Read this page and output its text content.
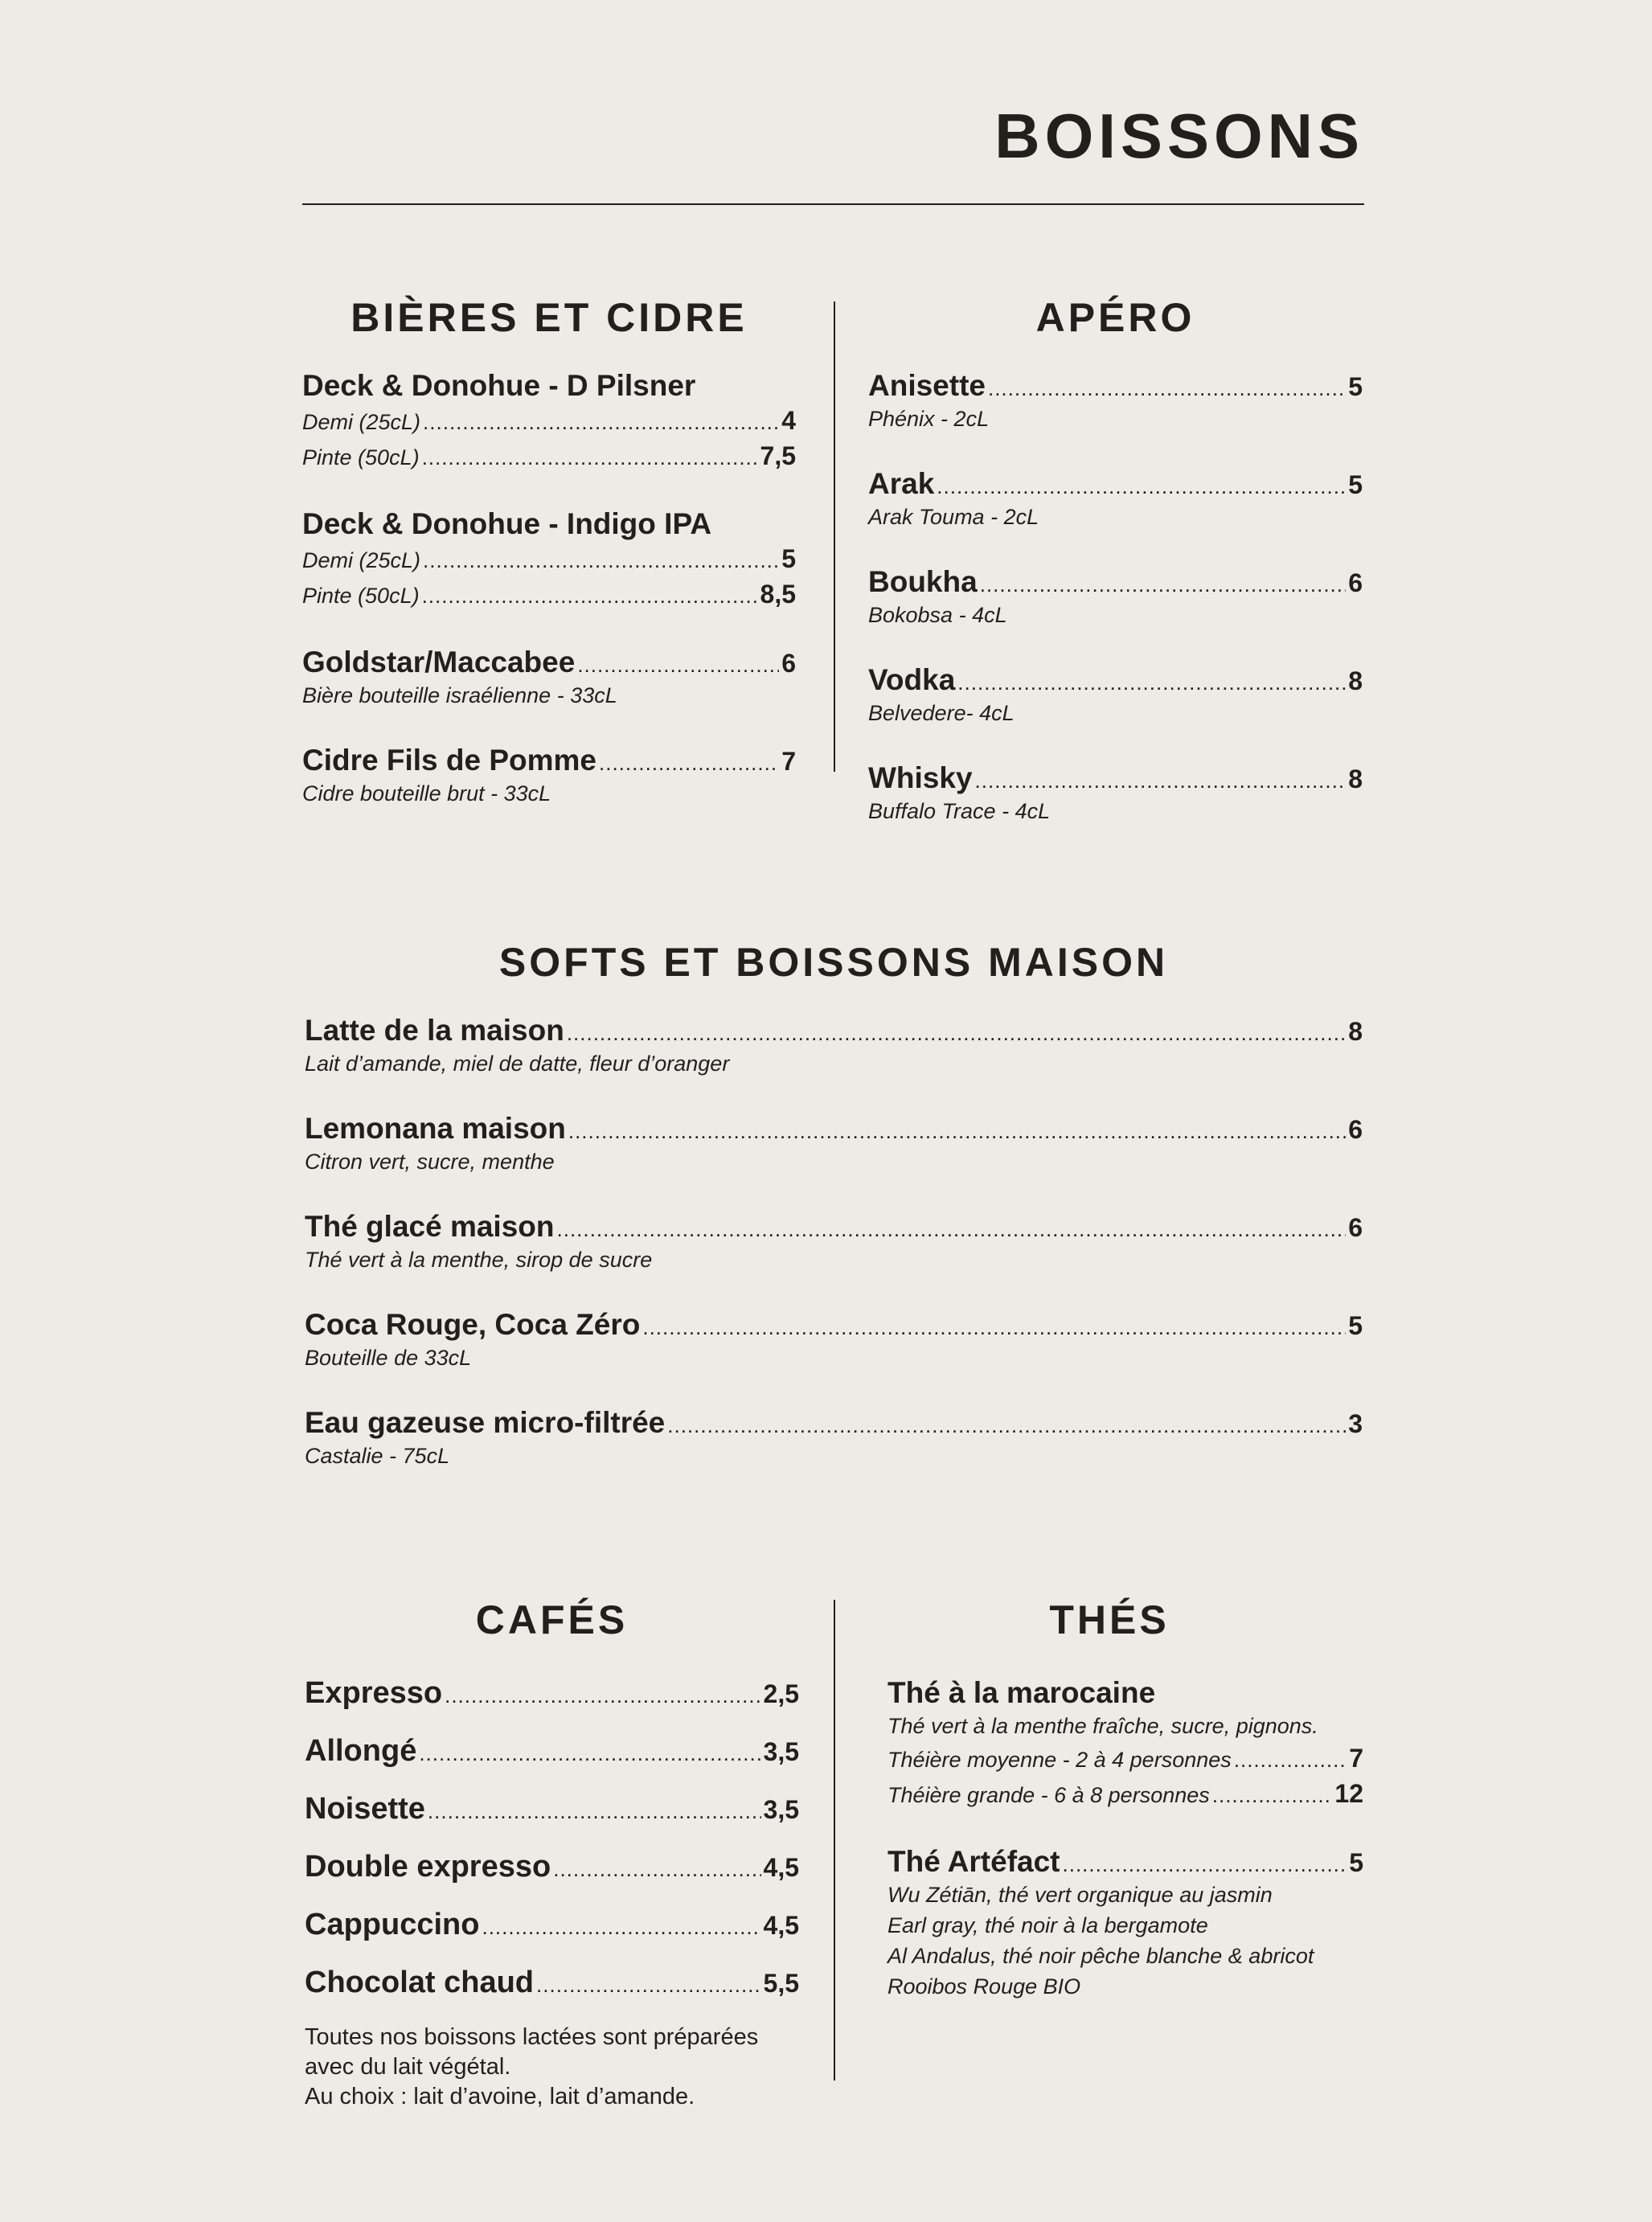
BOISSONS
BIÈRES ET CIDRE
Deck & Donohue - D Pilsner
Demi (25cL) .....	4
Pinte (50cL) .....	7,5
Deck & Donohue - Indigo IPA
Demi (25cL) .....	5
Pinte (50cL) .....	8,5
Goldstar/Maccabee .....	6
Bière bouteille israélienne - 33cL
Cidre Fils de Pomme .....	7
Cidre bouteille brut - 33cL
APÉRO
Anisette .....	5
Phénix - 2cL
Arak .....	5
Arak Touma - 2cL
Boukha .....	6
Bokobsa - 4cL
Vodka .....	8
Belvedere- 4cL
Whisky .....	8
Buffalo Trace - 4cL
SOFTS ET BOISSONS MAISON
Latte de la maison .....	8
Lait d’amande, miel de datte, fleur d’oranger
Lemonana maison .....	6
Citron vert, sucre, menthe
Thé glacé maison .....	6
Thé vert à la menthe, sirop de sucre
Coca Rouge, Coca Zéro .....	5
Bouteille de 33cL
Eau gazeuse micro-filtrée .....	3
Castalie - 75cL
CAFÉS
Expresso .....	2,5
Allongé .....	3,5
Noisette .....	3,5
Double expresso .....	4,5
Cappuccino .....	4,5
Chocolat chaud .....	5,5
Toutes nos boissons lactées sont préparées
avec du lait végétal.
Au choix : lait d’avoine, lait d’amande.
THÉS
Thé à la marocaine
Thé vert à la menthe fraîche, sucre, pignons.
Théière moyenne - 2 à 4 personnes .....	7
Théière grande - 6 à 8 personnes .....	12
Thé Artéfact .....	5
Wu Zétiān, thé vert organique au jasmin
Earl gray, thé noir à la bergamote
Al Andalus, thé noir pêche blanche & abricot
Rooibos Rouge BIO
